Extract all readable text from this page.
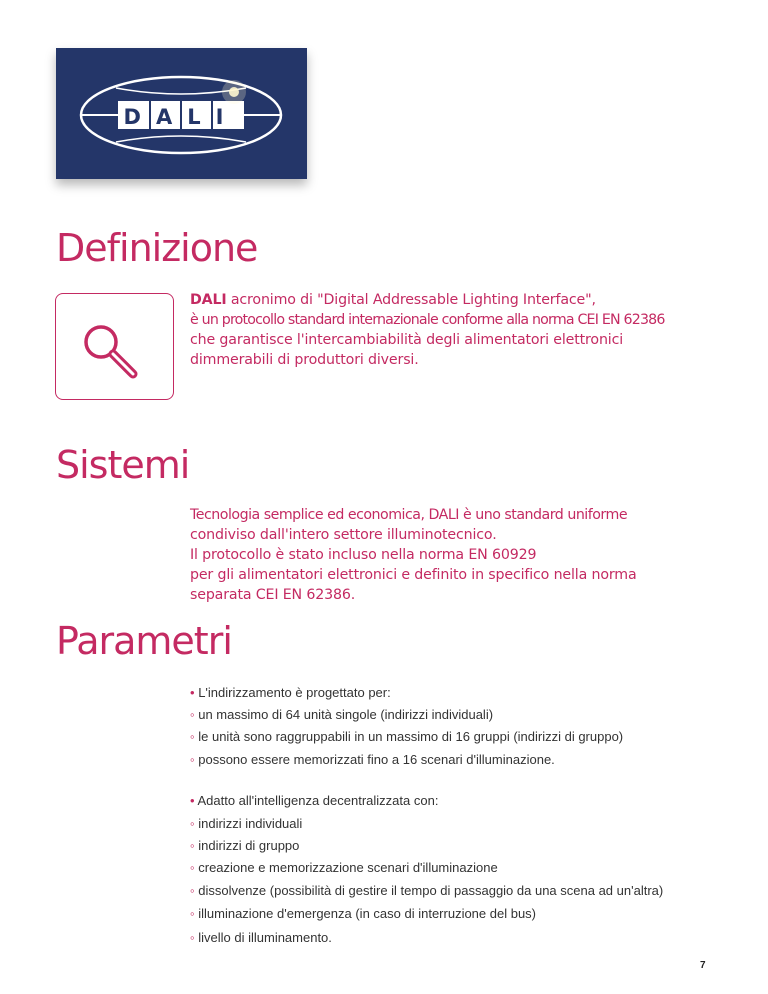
DALI
Definizione

DALI acronimo di "Digital Addressable Lighting Interface",
è un protocollo standard internazionale conforme alla norma CEI EN 62386
che garantisce l'intercambiabilità degli alimentatori elettronici
dimmerabili di produttori diversi.

Sistemi

Tecnologia semplice ed economica, DALI è uno standard uniforme
condiviso dall'intero settore illuminotecnico.
Il protocollo è stato incluso nella norma EN 60929
per gli alimentatori elettronici e definito in specifico nella norma
separata CEI EN 62386.

Parametri
• L'indirizzamento è progettato per:
◦ un massimo di 64 unità singole (indirizzi individuali)
◦ le unità sono raggruppabili in un massimo di 16 gruppi (indirizzi di gruppo)
◦ possono essere memorizzati fino a 16 scenari d'illuminazione.
• Adatto all'intelligenza decentralizzata con:
◦ indirizzi individuali
◦ indirizzi di gruppo
◦ creazione e memorizzazione scenari d'illuminazione
◦ dissolvenze (possibilità di gestire il tempo di passaggio da una scena ad un'altra)
◦ illuminazione d'emergenza (in caso di interruzione del bus)
◦ livello di illuminamento.
7
